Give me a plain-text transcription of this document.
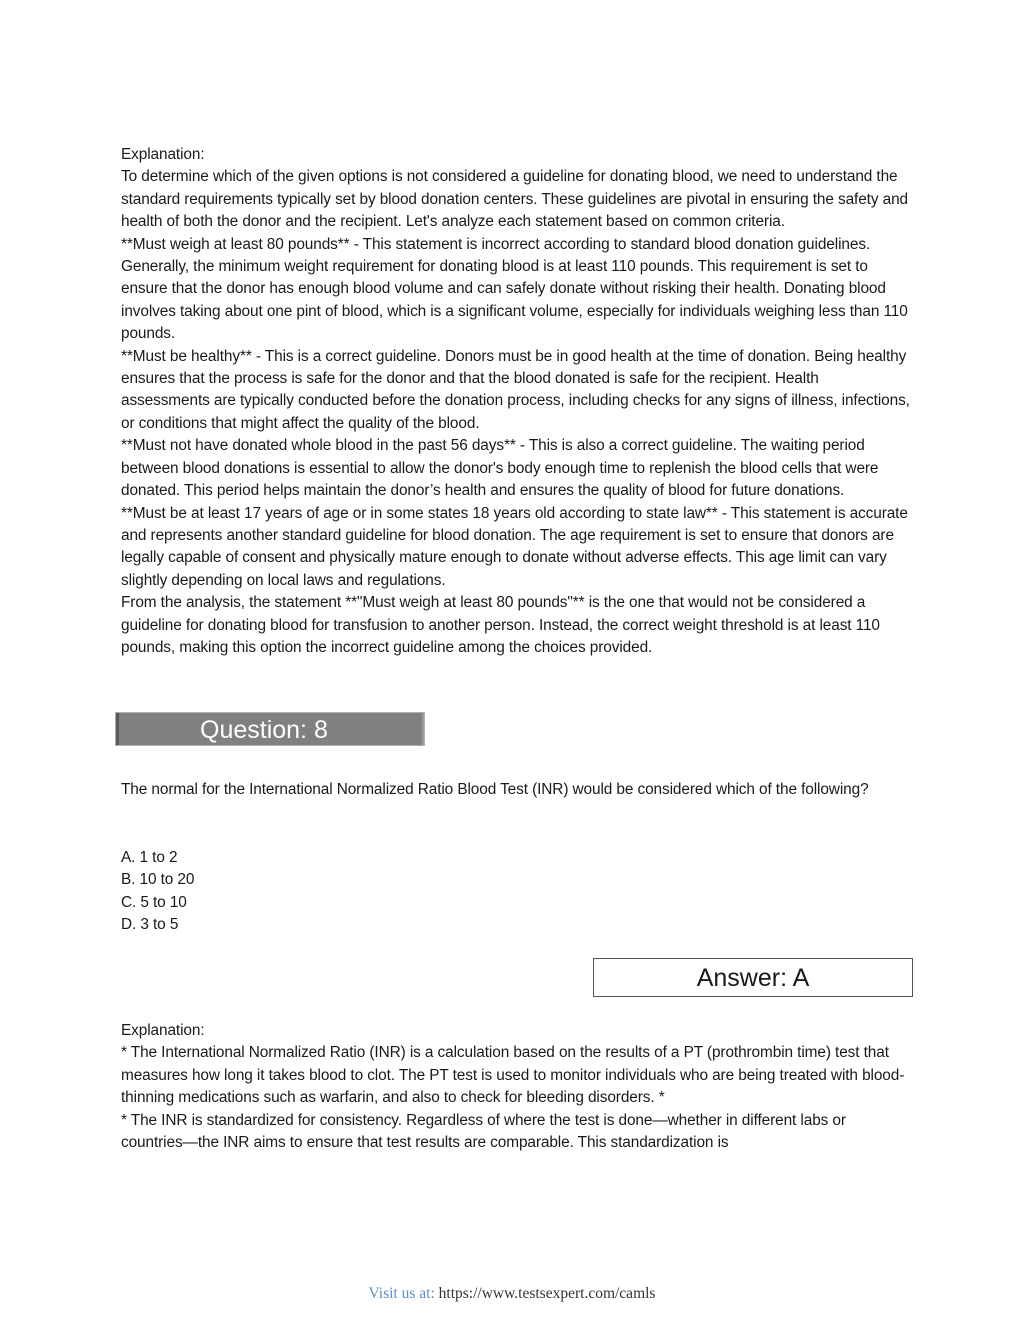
Explanation:

To determine which of the given options is not considered a guideline for donating blood, we need to understand the standard requirements typically set by blood donation centers. These guidelines are pivotal in ensuring the safety and health of both the donor and the recipient. Let's analyze each statement based on common criteria.

**Must weigh at least 80 pounds** - This statement is incorrect according to standard blood donation guidelines. Generally, the minimum weight requirement for donating blood is at least 110 pounds. This requirement is set to ensure that the donor has enough blood volume and can safely donate without risking their health. Donating blood involves taking about one pint of blood, which is a significant volume, especially for individuals weighing less than 110 pounds.

**Must be healthy** - This is a correct guideline. Donors must be in good health at the time of donation. Being healthy ensures that the process is safe for the donor and that the blood donated is safe for the recipient. Health assessments are typically conducted before the donation process, including checks for any signs of illness, infections, or conditions that might affect the quality of the blood.

**Must not have donated whole blood in the past 56 days** - This is also a correct guideline. The waiting period between blood donations is essential to allow the donor's body enough time to replenish the blood cells that were donated. This period helps maintain the donor’s health and ensures the quality of blood for future donations.

**Must be at least 17 years of age or in some states 18 years old according to state law** - This statement is accurate and represents another standard guideline for blood donation. The age requirement is set to ensure that donors are legally capable of consent and physically mature enough to donate without adverse effects. This age limit can vary slightly depending on local laws and regulations.

From the analysis, the statement **"Must weigh at least 80 pounds"** is the one that would not be considered a guideline for donating blood for transfusion to another person. Instead, the correct weight threshold is at least 110 pounds, making this option the incorrect guideline among the choices provided.

Question: 8

The normal for the International Normalized Ratio Blood Test (INR) would be considered which of the following?

A. 1 to 2

B. 10 to 20

C. 5 to 10

D. 3 to 5

Answer: A

Explanation:

* The International Normalized Ratio (INR) is a calculation based on the results of a PT (prothrombin time) test that measures how long it takes blood to clot. The PT test is used to monitor individuals who are being treated with blood-thinning medications such as warfarin, and also to check for bleeding disorders. *

* The INR is standardized for consistency. Regardless of where the test is done—whether in different labs or countries—the INR aims to ensure that test results are comparable. This standardization is

Visit us at: https://www.testsexpert.com/camls
